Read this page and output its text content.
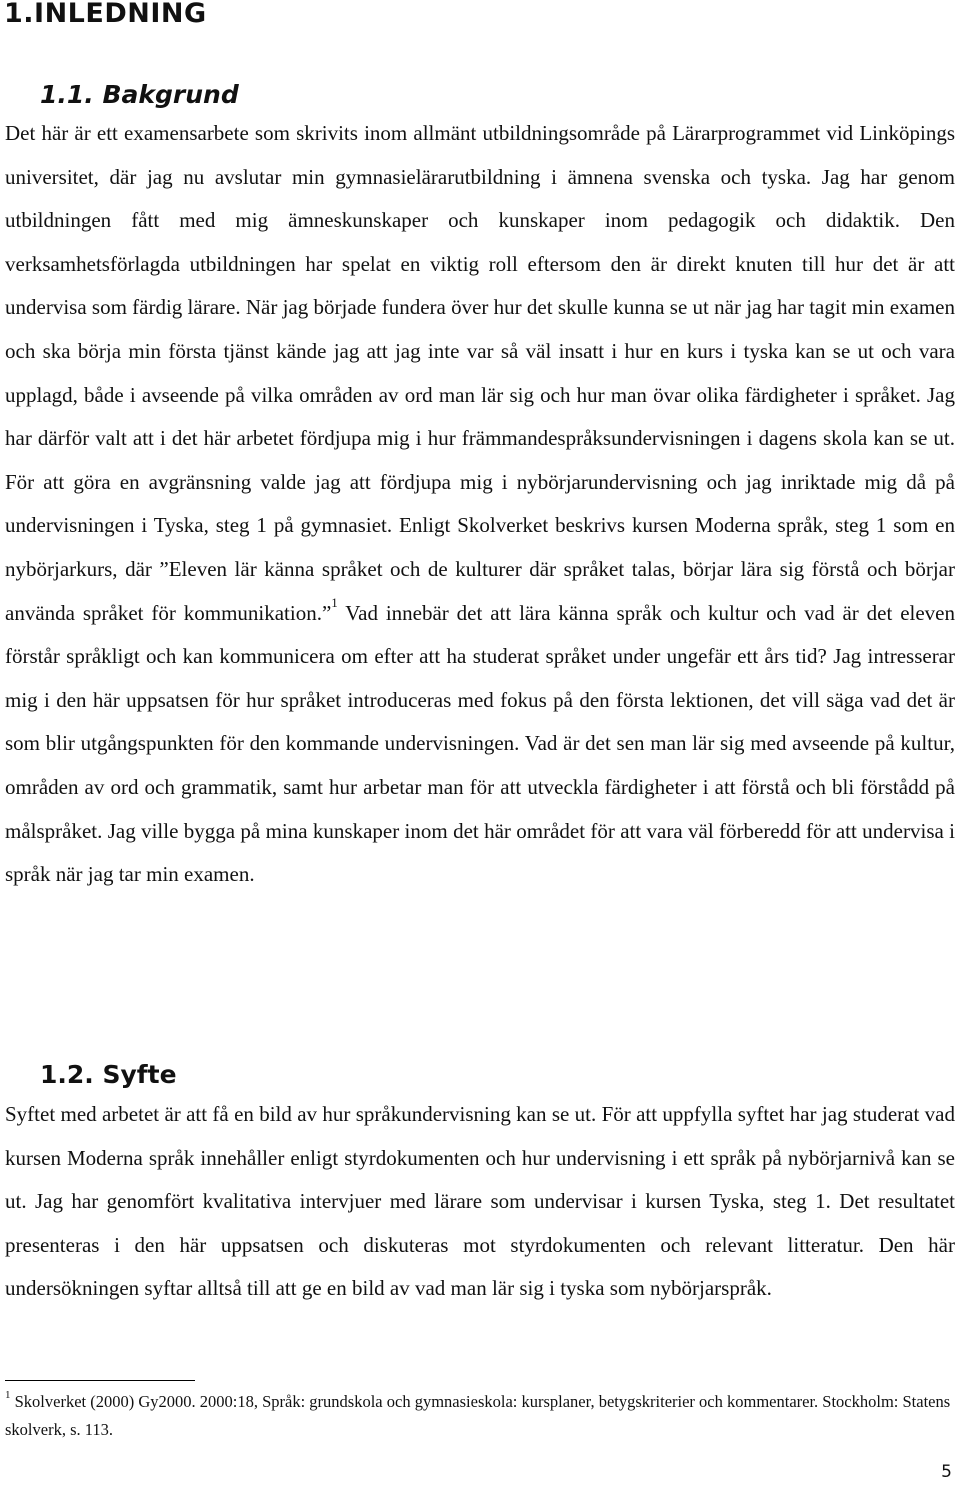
1.INLEDNING
1.1. Bakgrund

Det här är ett examensarbete som skrivits inom allmänt utbildningsområde på Lärarprogrammet vid Linköpings universitet, där jag nu avslutar min gymnasielärarutbildning i ämnena svenska och tyska. Jag har genom utbildningen fått med mig ämneskunskaper och kunskaper inom pedagogik och didaktik. Den verksamhetsförlagda utbildningen har spelat en viktig roll eftersom den är direkt knuten till hur det är att undervisa som färdig lärare. När jag började fundera över hur det skulle kunna se ut när jag har tagit min examen och ska börja min första tjänst kände jag att jag inte var så väl insatt i hur en kurs i tyska kan se ut och vara upplagd, både i avseende på vilka områden av ord man lär sig och hur man övar olika färdigheter i språket. Jag har därför valt att i det här arbetet fördjupa mig i hur främmandespråksundervisningen i dagens skola kan se ut. För att göra en avgränsning valde jag att fördjupa mig i nybörjarundervisning och jag inriktade mig då på undervisningen i Tyska, steg 1 på gymnasiet. Enligt Skolverket beskrivs kursen Moderna språk, steg 1 som en nybörjarkurs, där ”Eleven lär känna språket och de kulturer där språket talas, börjar lära sig förstå och börjar använda språket för kommunikation.”$^1$ Vad innebär det att lära känna språk och kultur och vad är det eleven förstår språkligt och kan kommunicera om efter att ha studerat språket under ungefär ett års tid? Jag intresserar mig i den här uppsatsen för hur språket introduceras med fokus på den första lektionen, det vill säga vad det är som blir utgångspunkten för den kommande undervisningen. Vad är det sen man lär sig med avseende på kultur, områden av ord och grammatik, samt hur arbetar man för att utveckla färdigheter i att förstå och bli förstådd på målspråket. Jag ville bygga på mina kunskaper inom det här området för att vara väl förberedd för att undervisa i språk när jag tar min examen.

1.2. Syfte

Syftet med arbetet är att få en bild av hur språkundervisning kan se ut. För att uppfylla syftet har jag studerat vad kursen Moderna språk innehåller enligt styrdokumenten och hur undervisning i ett språk på nybörjarnivå kan se ut. Jag har genomfört kvalitativa intervjuer med lärare som undervisar i kursen Tyska, steg 1. Det resultatet presenteras i den här uppsatsen och diskuteras mot styrdokumenten och relevant litteratur. Den här undersökningen syftar alltså till att ge en bild av vad man lär sig i tyska som nybörjarspråk.

$^1$ Skolverket (2000) Gy2000. 2000:18, Språk: grundskola och gymnasieskola: kursplaner, betygskriterier och kommentarer. Stockholm: Statens skolverk, s. 113.

5
